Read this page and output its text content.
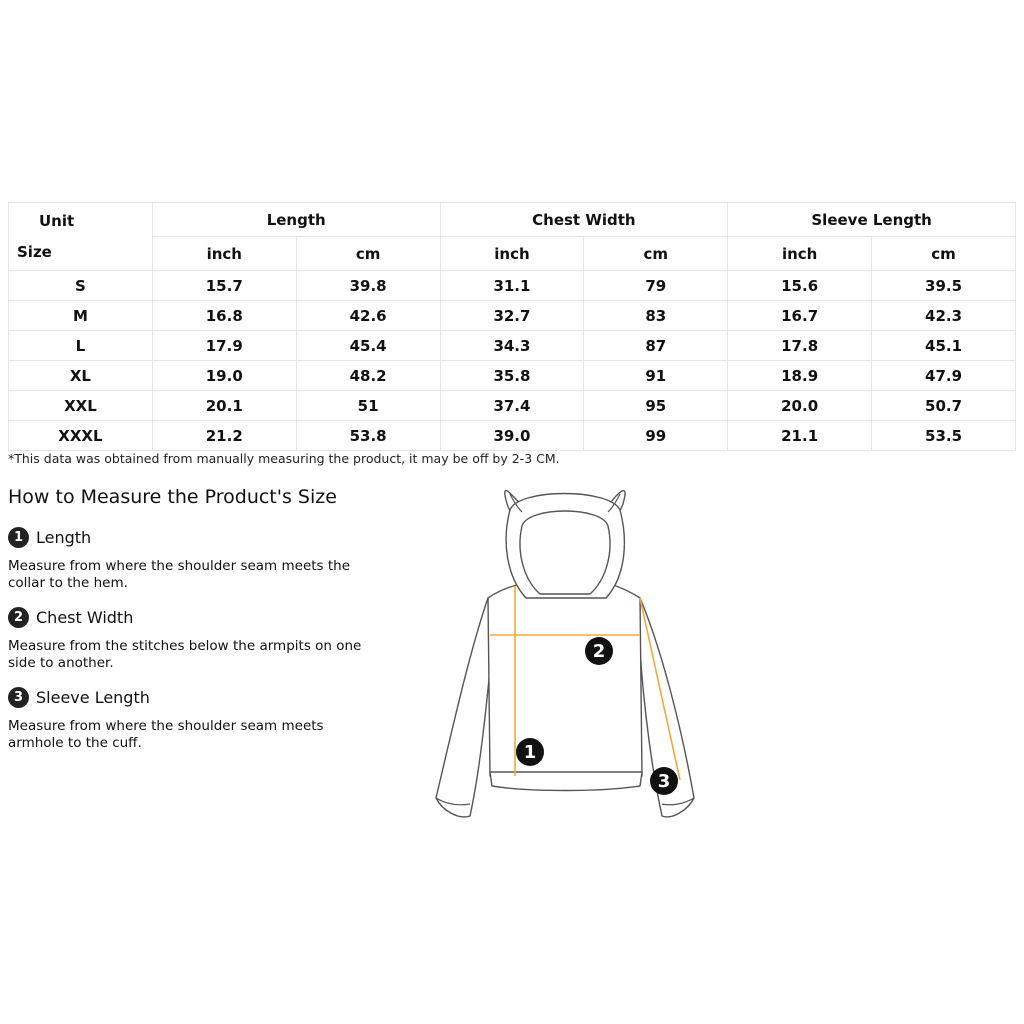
Unit
Size	Length		Chest Width		Sleeve Length	
	inch	cm	inch	cm	inch	cm
S	15.7	39.8	31.1	79	15.6	39.5
M	16.8	42.6	32.7	83	16.7	42.3
L	17.9	45.4	34.3	87	17.8	45.1
XL	19.0	48.2	35.8	91	18.9	47.9
XXL	20.1	51	37.4	95	20.0	50.7
XXXL	21.2	53.8	39.0	99	21.1	53.5
*This data was obtained from manually measuring the product, it may be off by 2-3 CM.
How to Measure the Product's Size
1 Length
Measure from where the shoulder seam meets the collar to the hem.
2 Chest Width
Measure from the stitches below the armpits on one side to another.
3 Sleeve Length
Measure from where the shoulder seam meets armhole to the cuff.
2
1
3
